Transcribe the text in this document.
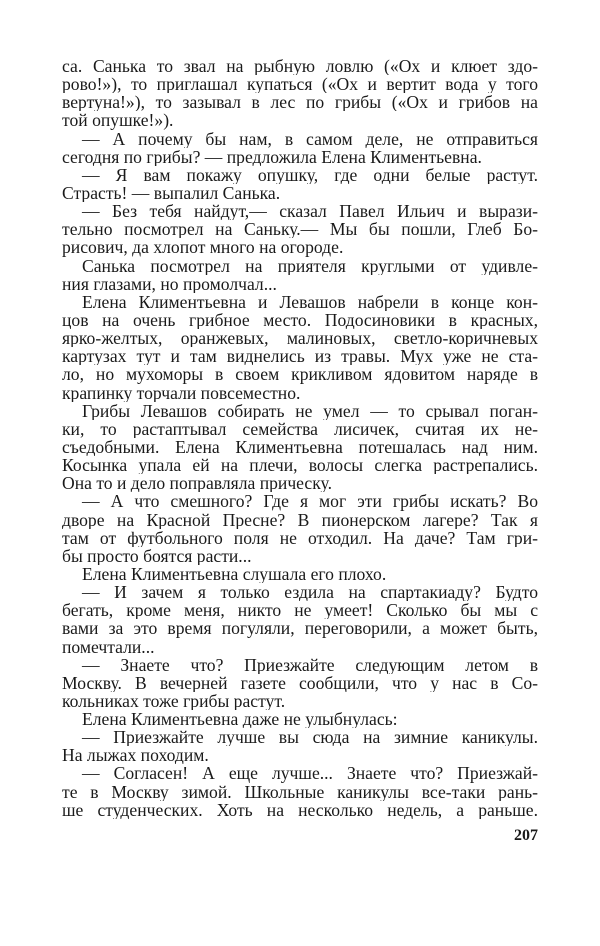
са. Санька то звал на рыбную ловлю («Ох и клюет здо-
рово!»), то приглашал купаться («Ох и вертит вода у того
вертуна!»), то зазывал в лес по грибы («Ох и грибов на
той опушке!»).
— А почему бы нам, в самом деле, не отправиться
сегодня по грибы? — предложила Елена Климентьевна.
— Я вам покажу опушку, где одни белые растут.
Страсть! — выпалил Санька.
— Без тебя найдут,— сказал Павел Ильич и вырази-
тельно посмотрел на Саньку.— Мы бы пошли, Глеб Бо-
рисович, да хлопот много на огороде.
Санька посмотрел на приятеля круглыми от удивле-
ния глазами, но промолчал...
Елена Климентьевна и Левашов набрели в конце кон-
цов на очень грибное место. Подосиновики в красных,
ярко-желтых, оранжевых, малиновых, светло-коричневых
картузах тут и там виднелись из травы. Мух уже не ста-
ло, но мухоморы в своем крикливом ядовитом наряде в
крапинку торчали повсеместно.
Грибы Левашов собирать не умел — то срывал поган-
ки, то растаптывал семейства лисичек, считая их не-
съедобными. Елена Климентьевна потешалась над ним.
Косынка упала ей на плечи, волосы слегка растрепались.
Она то и дело поправляла прическу.
— А что смешного? Где я мог эти грибы искать? Во
дворе на Красной Пресне? В пионерском лагере? Так я
там от футбольного поля не отходил. На даче? Там гри-
бы просто боятся расти...
Елена Климентьевна слушала его плохо.
— И зачем я только ездила на спартакиаду? Будто
бегать, кроме меня, никто не умеет! Сколько бы мы с
вами за это время погуляли, переговорили, а может быть,
помечтали...
— Знаете что? Приезжайте следующим летом в
Москву. В вечерней газете сообщили, что у нас в Со-
кольниках тоже грибы растут.
Елена Климентьевна даже не улыбнулась:
— Приезжайте лучше вы сюда на зимние каникулы.
На лыжах походим.
— Согласен! А еще лучше... Знаете что? Приезжай-
те в Москву зимой. Школьные каникулы все-таки рань-
ше студенческих. Хоть на несколько недель, а раньше.
207
